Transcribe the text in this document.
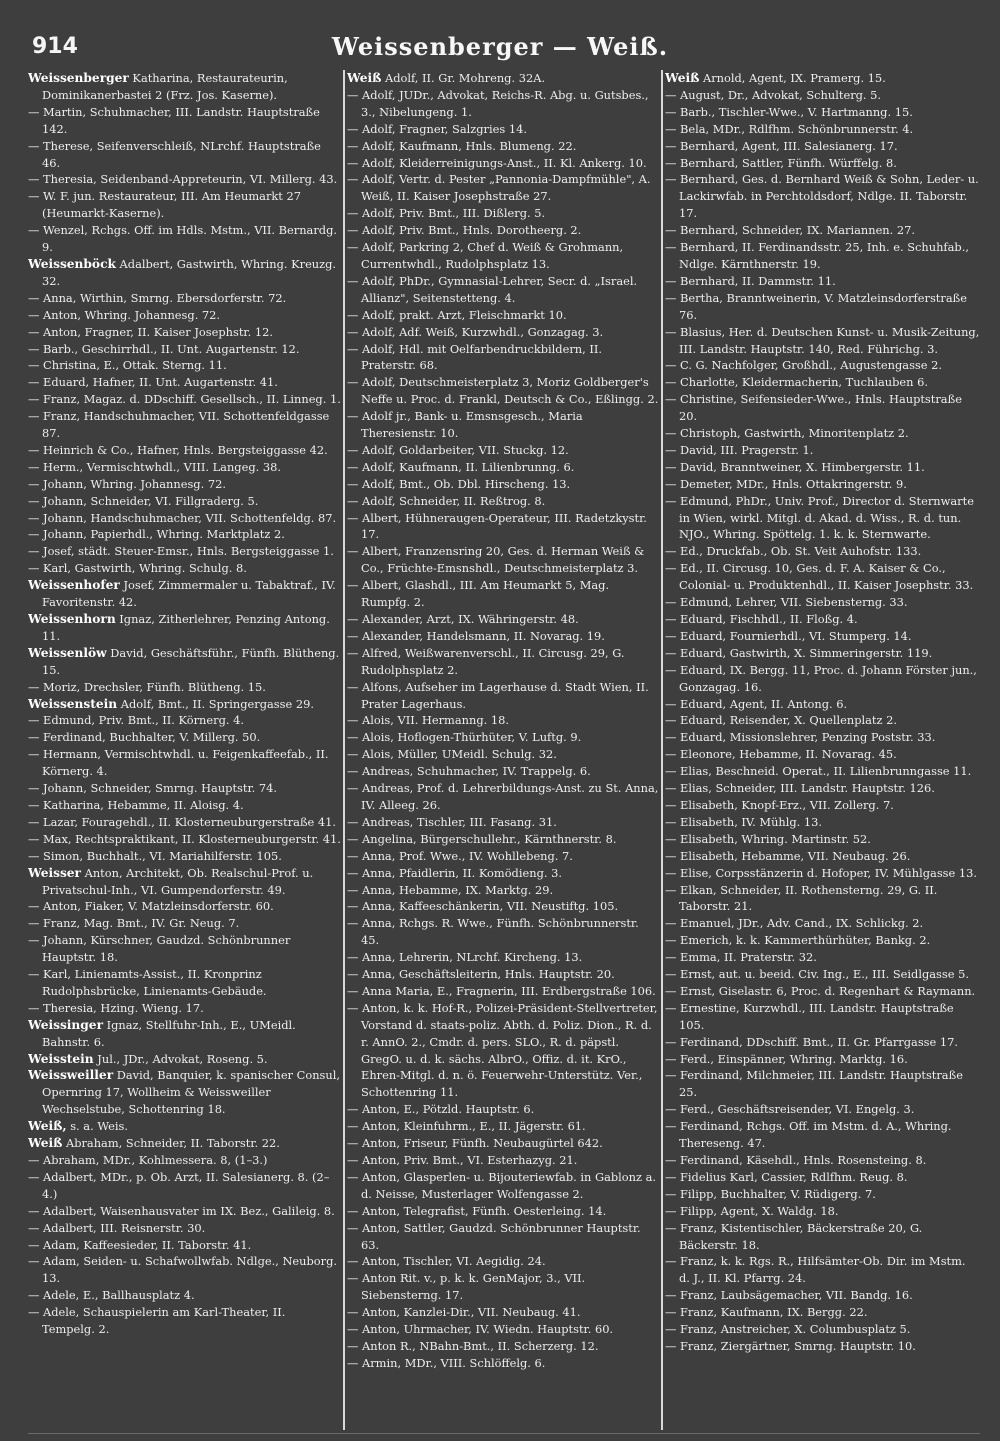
914	Weissenberger — Weiß.
Weissenberger Katharina, Restaurateurin, Dominikanerbastei 2 (Frz. Jos. Kaserne).
— Martin, Schuhmacher, III. Landstr. Hauptstraße 142.
— Therese, Seifenverschleiß, NLrchf. Hauptstraße 46.
— Theresia, Seidenband-Appreteurin, VI. Millerg. 43.
— W. F. jun. Restaurateur, III. Am Heumarkt 27 (Heumarkt-Kaserne).
— Wenzel, Rchgs. Off. im Hdls. Mstm., VII. Bernardg. 9.
Weissenböck Adalbert, Gastwirth, Whring. Kreuzg. 32.
— Anna, Wirthin, Smrng. Ebersdorferstr. 72.
— Anton, Whring. Johannesg. 72.
— Anton, Fragner, II. Kaiser Josephstr. 12.
— Barb., Geschirrhdl., II. Unt. Augartenstr. 12.
— Christina, E., Ottak. Sterng. 11.
— Eduard, Hafner, II. Unt. Augartenstr. 41.
— Franz, Magaz. d. DDschiff. Gesellsch., II. Linneg. 1.
— Franz, Handschuhmacher, VII. Schottenfeldgasse 87.
— Heinrich & Co., Hafner, Hnls. Bergsteiggasse 42.
— Herm., Vermischtwhdl., VIII. Langeg. 38.
— Johann, Whring. Johannesg. 72.
— Johann, Schneider, VI. Fillgraderg. 5.
— Johann, Handschuhmacher, VII. Schottenfeldg. 87.
— Johann, Papierhdl., Whring. Marktplatz 2.
— Josef, städt. Steuer-Emsr., Hnls. Bergsteiggasse 1.
— Karl, Gastwirth, Whring. Schulg. 8.
Weissenhofer Josef, Zimmermaler u. Tabaktraf., IV. Favoritenstr. 42.
Weissenhorn Ignaz, Zitherlehrer, Penzing Antong. 11.
Weissenlöw David, Geschäftsführ., Fünfh. Blütheng. 15.
— Moriz, Drechsler, Fünfh. Blütheng. 15.
Weissenstein Adolf, Bmt., II. Springergasse 29.
— Edmund, Priv. Bmt., II. Körnerg. 4.
— Ferdinand, Buchhalter, V. Millerg. 50.
— Hermann, Vermischtwhdl. u. Feigenkaffeefab., II. Körnerg. 4.
— Johann, Schneider, Smrng. Hauptstr. 74.
— Katharina, Hebamme, II. Aloisg. 4.
— Lazar, Fouragehdl., II. Klosterneuburgerstraße 41.
— Max, Rechtspraktikant, II. Klosterneuburgerstr. 41.
— Simon, Buchhalt., VI. Mariahilferstr. 105.
Weisser Anton, Architekt, Ob. Realschul-Prof. u. Privatschul-Inh., VI. Gumpendorferstr. 49.
— Anton, Fiaker, V. Matzleinsdorferstr. 60.
— Franz, Mag. Bmt., IV. Gr. Neug. 7.
— Johann, Kürschner, Gaudzd. Schönbrunner Hauptstr. 18.
— Karl, Linienamts-Assist., II. Kronprinz Rudolphsbrücke, Linienamts-Gebäude.
— Theresia, Hzing. Wieng. 17.
Weissinger Ignaz, Stellfuhr-Inh., E., UMeidl. Bahnstr. 6.
Weisstein Jul., JDr., Advokat, Roseng. 5.
Weissweiller David, Banquier, k. spanischer Consul, Opernring 17, Wollheim & Weissweiller Wechselstube, Schottenring 18.
Weiß, s. a. Weis.
Weiß Abraham, Schneider, II. Taborstr. 22.
— Abraham, MDr., Kohlmessera. 8, (1–3.)
— Adalbert, MDr., p. Ob. Arzt, II. Salesianerg. 8. (2–4.)
— Adalbert, Waisenhausvater im IX. Bez., Galileig. 8.
— Adalbert, III. Reisnerstr. 30.
— Adam, Kaffeesieder, II. Taborstr. 41.
— Adam, Seiden- u. Schafwollwfab. Ndlge., Neuborg. 13.
— Adele, E., Ballhausplatz 4.
— Adele, Schauspielerin am Karl-Theater, II. Tempelg. 2.
Weiß Adolf, II. Gr. Mohreng. 32A.
— Adolf, JUDr., Advokat, Reichs-R. Abg. u. Gutsbes., 3., Nibelungeng. 1.
— Adolf, Fragner, Salzgries 14.
— Adolf, Kaufmann, Hnls. Blumeng. 22.
— Adolf, Kleiderreinigungs-Anst., II. Kl. Ankerg. 10.
— Adolf, Vertr. d. Pester „Pannonia-Dampfmühle", A. Weiß, II. Kaiser Josephstraße 27.
— Adolf, Priv. Bmt., III. Dißlerg. 5.
— Adolf, Priv. Bmt., Hnls. Dorotheerg. 2.
— Adolf, Parkring 2, Chef d. Weiß & Grohmann, Currentwhdl., Rudolphsplatz 13.
— Adolf, PhDr., Gymnasial-Lehrer, Secr. d. „Israel. Allianz", Seitenstetteng. 4.
— Adolf, prakt. Arzt, Fleischmarkt 10.
— Adolf, Adf. Weiß, Kurzwhdl., Gonzagag. 3.
— Adolf, Hdl. mit Oelfarbendruckbildern, II. Praterstr. 68.
— Adolf, Deutschmeisterplatz 3, Moriz Goldberger's Neffe u. Proc. d. Frankl, Deutsch & Co., Eßlingg. 2.
— Adolf jr., Bank- u. Emsnsgesch., Maria Theresienstr. 10.
— Adolf, Goldarbeiter, VII. Stuckg. 12.
— Adolf, Kaufmann, II. Lilienbrunng. 6.
— Adolf, Bmt., Ob. Dbl. Hirscheng. 13.
— Adolf, Schneider, II. Reßtrog. 8.
— Albert, Hühneraugen-Operateur, III. Radetzkystr. 17.
— Albert, Franzensring 20, Ges. d. Herman Weiß & Co., Früchte-Emsnshdl., Deutschmeisterplatz 3.
— Albert, Glashdl., III. Am Heumarkt 5, Mag. Rumpfg. 2.
— Alexander, Arzt, IX. Währingerstr. 48.
— Alexander, Handelsmann, II. Novarag. 19.
— Alfred, Weißwarenverschl., II. Circusg. 29, G. Rudolphsplatz 2.
— Alfons, Aufseher im Lagerhause d. Stadt Wien, II. Prater Lagerhaus.
— Alois, VII. Hermanng. 18.
— Alois, Hoflogen-Thürhüter, V. Luftg. 9.
— Alois, Müller, UMeidl. Schulg. 32.
— Andreas, Schuhmacher, IV. Trappelg. 6.
— Andreas, Prof. d. Lehrerbildungs-Anst. zu St. Anna, IV. Alleeg. 26.
— Andreas, Tischler, III. Fasang. 31.
— Angelina, Bürgerschullehr., Kärnthnerstr. 8.
— Anna, Prof. Wwe., IV. Wohllebeng. 7.
— Anna, Pfaidlerin, II. Komödieng. 3.
— Anna, Hebamme, IX. Marktg. 29.
— Anna, Kaffeeschänkerin, VII. Neustiftg. 105.
— Anna, Rchgs. R. Wwe., Fünfh. Schönbrunnerstr. 45.
— Anna, Lehrerin, NLrchf. Kircheng. 13.
— Anna, Geschäftsleiterin, Hnls. Hauptstr. 20.
— Anna Maria, E., Fragnerin, III. Erdbergstraße 106.
— Anton, k. k. Hof-R., Polizei-Präsident-Stellvertreter, Vorstand d. staats-poliz. Abth. d. Poliz. Dion., R. d. r. AnnO. 2., Cmdr. d. pers. SLO., R. d. päpstl. GregO. u. d. k. sächs. AlbrO., Offiz. d. it. KrO., Ehren-Mitgl. d. n. ö. Feuerwehr-Unterstütz. Ver., Schottenring 11.
— Anton, E., Pötzld. Hauptstr. 6.
— Anton, Kleinfuhrm., E., II. Jägerstr. 61.
— Anton, Friseur, Fünfh. Neubaugürtel 642.
— Anton, Priv. Bmt., VI. Esterhazyg. 21.
— Anton, Glasperlen- u. Bijouteriewfab. in Gablonz a. d. Neisse, Musterlager Wolfengasse 2.
— Anton, Telegrafist, Fünfh. Oesterleing. 14.
— Anton, Sattler, Gaudzd. Schönbrunner Hauptstr. 63.
— Anton, Tischler, VI. Aegidig. 24.
— Anton Rit. v., p. k. k. GenMajor, 3., VII. Siebensterng. 17.
— Anton, Kanzlei-Dir., VII. Neubaug. 41.
— Anton, Uhrmacher, IV. Wiedn. Hauptstr. 60.
— Anton R., NBahn-Bmt., II. Scherzerg. 12.
— Armin, MDr., VIII. Schlöffelg. 6.
Weiß Arnold, Agent, IX. Pramerg. 15.
— August, Dr., Advokat, Schulterg. 5.
— Barb., Tischler-Wwe., V. Hartmanng. 15.
— Bela, MDr., Rdlfhm. Schönbrunnerstr. 4.
— Bernhard, Agent, III. Salesianerg. 17.
— Bernhard, Sattler, Fünfh. Würffelg. 8.
— Bernhard, Ges. d. Bernhard Weiß & Sohn, Leder- u. Lackirwfab. in Perchtoldsdorf, Ndlge. II. Taborstr. 17.
— Bernhard, Schneider, IX. Mariannen. 27.
— Bernhard, II. Ferdinandsstr. 25, Inh. e. Schuhfab., Ndlge. Kärnthnerstr. 19.
— Bernhard, II. Dammstr. 11.
— Bertha, Branntweinerin, V. Matzleinsdorferstraße 76.
— Blasius, Her. d. Deutschen Kunst- u. Musik-Zeitung, III. Landstr. Hauptstr. 140, Red. Führichg. 3.
— C. G. Nachfolger, Großhdl., Augustengasse 2.
— Charlotte, Kleidermacherin, Tuchlauben 6.
— Christine, Seifensieder-Wwe., Hnls. Hauptstraße 20.
— Christoph, Gastwirth, Minoritenplatz 2.
— David, III. Pragerstr. 1.
— David, Branntweiner, X. Himbergerstr. 11.
— Demeter, MDr., Hnls. Ottakringerstr. 9.
— Edmund, PhDr., Univ. Prof., Director d. Sternwarte in Wien, wirkl. Mitgl. d. Akad. d. Wiss., R. d. tun. NJO., Whring. Spöttelg. 1. k. k. Sternwarte.
— Ed., Druckfab., Ob. St. Veit Auhofstr. 133.
— Ed., II. Circusg. 10, Ges. d. F. A. Kaiser & Co., Colonial- u. Produktenhdl., II. Kaiser Josephstr. 33.
— Edmund, Lehrer, VII. Siebensterng. 33.
— Eduard, Fischhdl., II. Floßg. 4.
— Eduard, Fournierhdl., VI. Stumperg. 14.
— Eduard, Gastwirth, X. Simmeringerstr. 119.
— Eduard, IX. Bergg. 11, Proc. d. Johann Förster jun., Gonzagag. 16.
— Eduard, Agent, II. Antong. 6.
— Eduard, Reisender, X. Quellenplatz 2.
— Eduard, Missionslehrer, Penzing Poststr. 33.
— Eleonore, Hebamme, II. Novarag. 45.
— Elias, Beschneid. Operat., II. Lilienbrunngasse 11.
— Elias, Schneider, III. Landstr. Hauptstr. 126.
— Elisabeth, Knopf-Erz., VII. Zollerg. 7.
— Elisabeth, IV. Mühlg. 13.
— Elisabeth, Whring. Martinstr. 52.
— Elisabeth, Hebamme, VII. Neubaug. 26.
— Elise, Corpsstänzerin d. Hofoper, IV. Mühlgasse 13.
— Elkan, Schneider, II. Rothensterng. 29, G. II. Taborstr. 21.
— Emanuel, JDr., Adv. Cand., IX. Schlickg. 2.
— Emerich, k. k. Kammerthürhüter, Bankg. 2.
— Emma, II. Praterstr. 32.
— Ernst, aut. u. beeid. Civ. Ing., E., III. Seidlgasse 5.
— Ernst, Giselastr. 6, Proc. d. Regenhart & Raymann.
— Ernestine, Kurzwhdl., III. Landstr. Hauptstraße 105.
— Ferdinand, DDschiff. Bmt., II. Gr. Pfarrgasse 17.
— Ferd., Einspänner, Whring. Marktg. 16.
— Ferdinand, Milchmeier, III. Landstr. Hauptstraße 25.
— Ferd., Geschäftsreisender, VI. Engelg. 3.
— Ferdinand, Rchgs. Off. im Mstm. d. A., Whring. Thereseng. 47.
— Ferdinand, Käsehdl., Hnls. Rosensteing. 8.
— Fidelius Karl, Cassier, Rdlfhm. Reug. 8.
— Filipp, Buchhalter, V. Rüdigerg. 7.
— Filipp, Agent, X. Waldg. 18.
— Franz, Kistentischler, Bäckerstraße 20, G. Bäckerstr. 18.
— Franz, k. k. Rgs. R., Hilfsämter-Ob. Dir. im Mstm. d. J., II. Kl. Pfarrg. 24.
— Franz, Laubsägemacher, VII. Bandg. 16.
— Franz, Kaufmann, IX. Bergg. 22.
— Franz, Anstreicher, X. Columbusplatz 5.
— Franz, Ziergärtner, Smrng. Hauptstr. 10.
